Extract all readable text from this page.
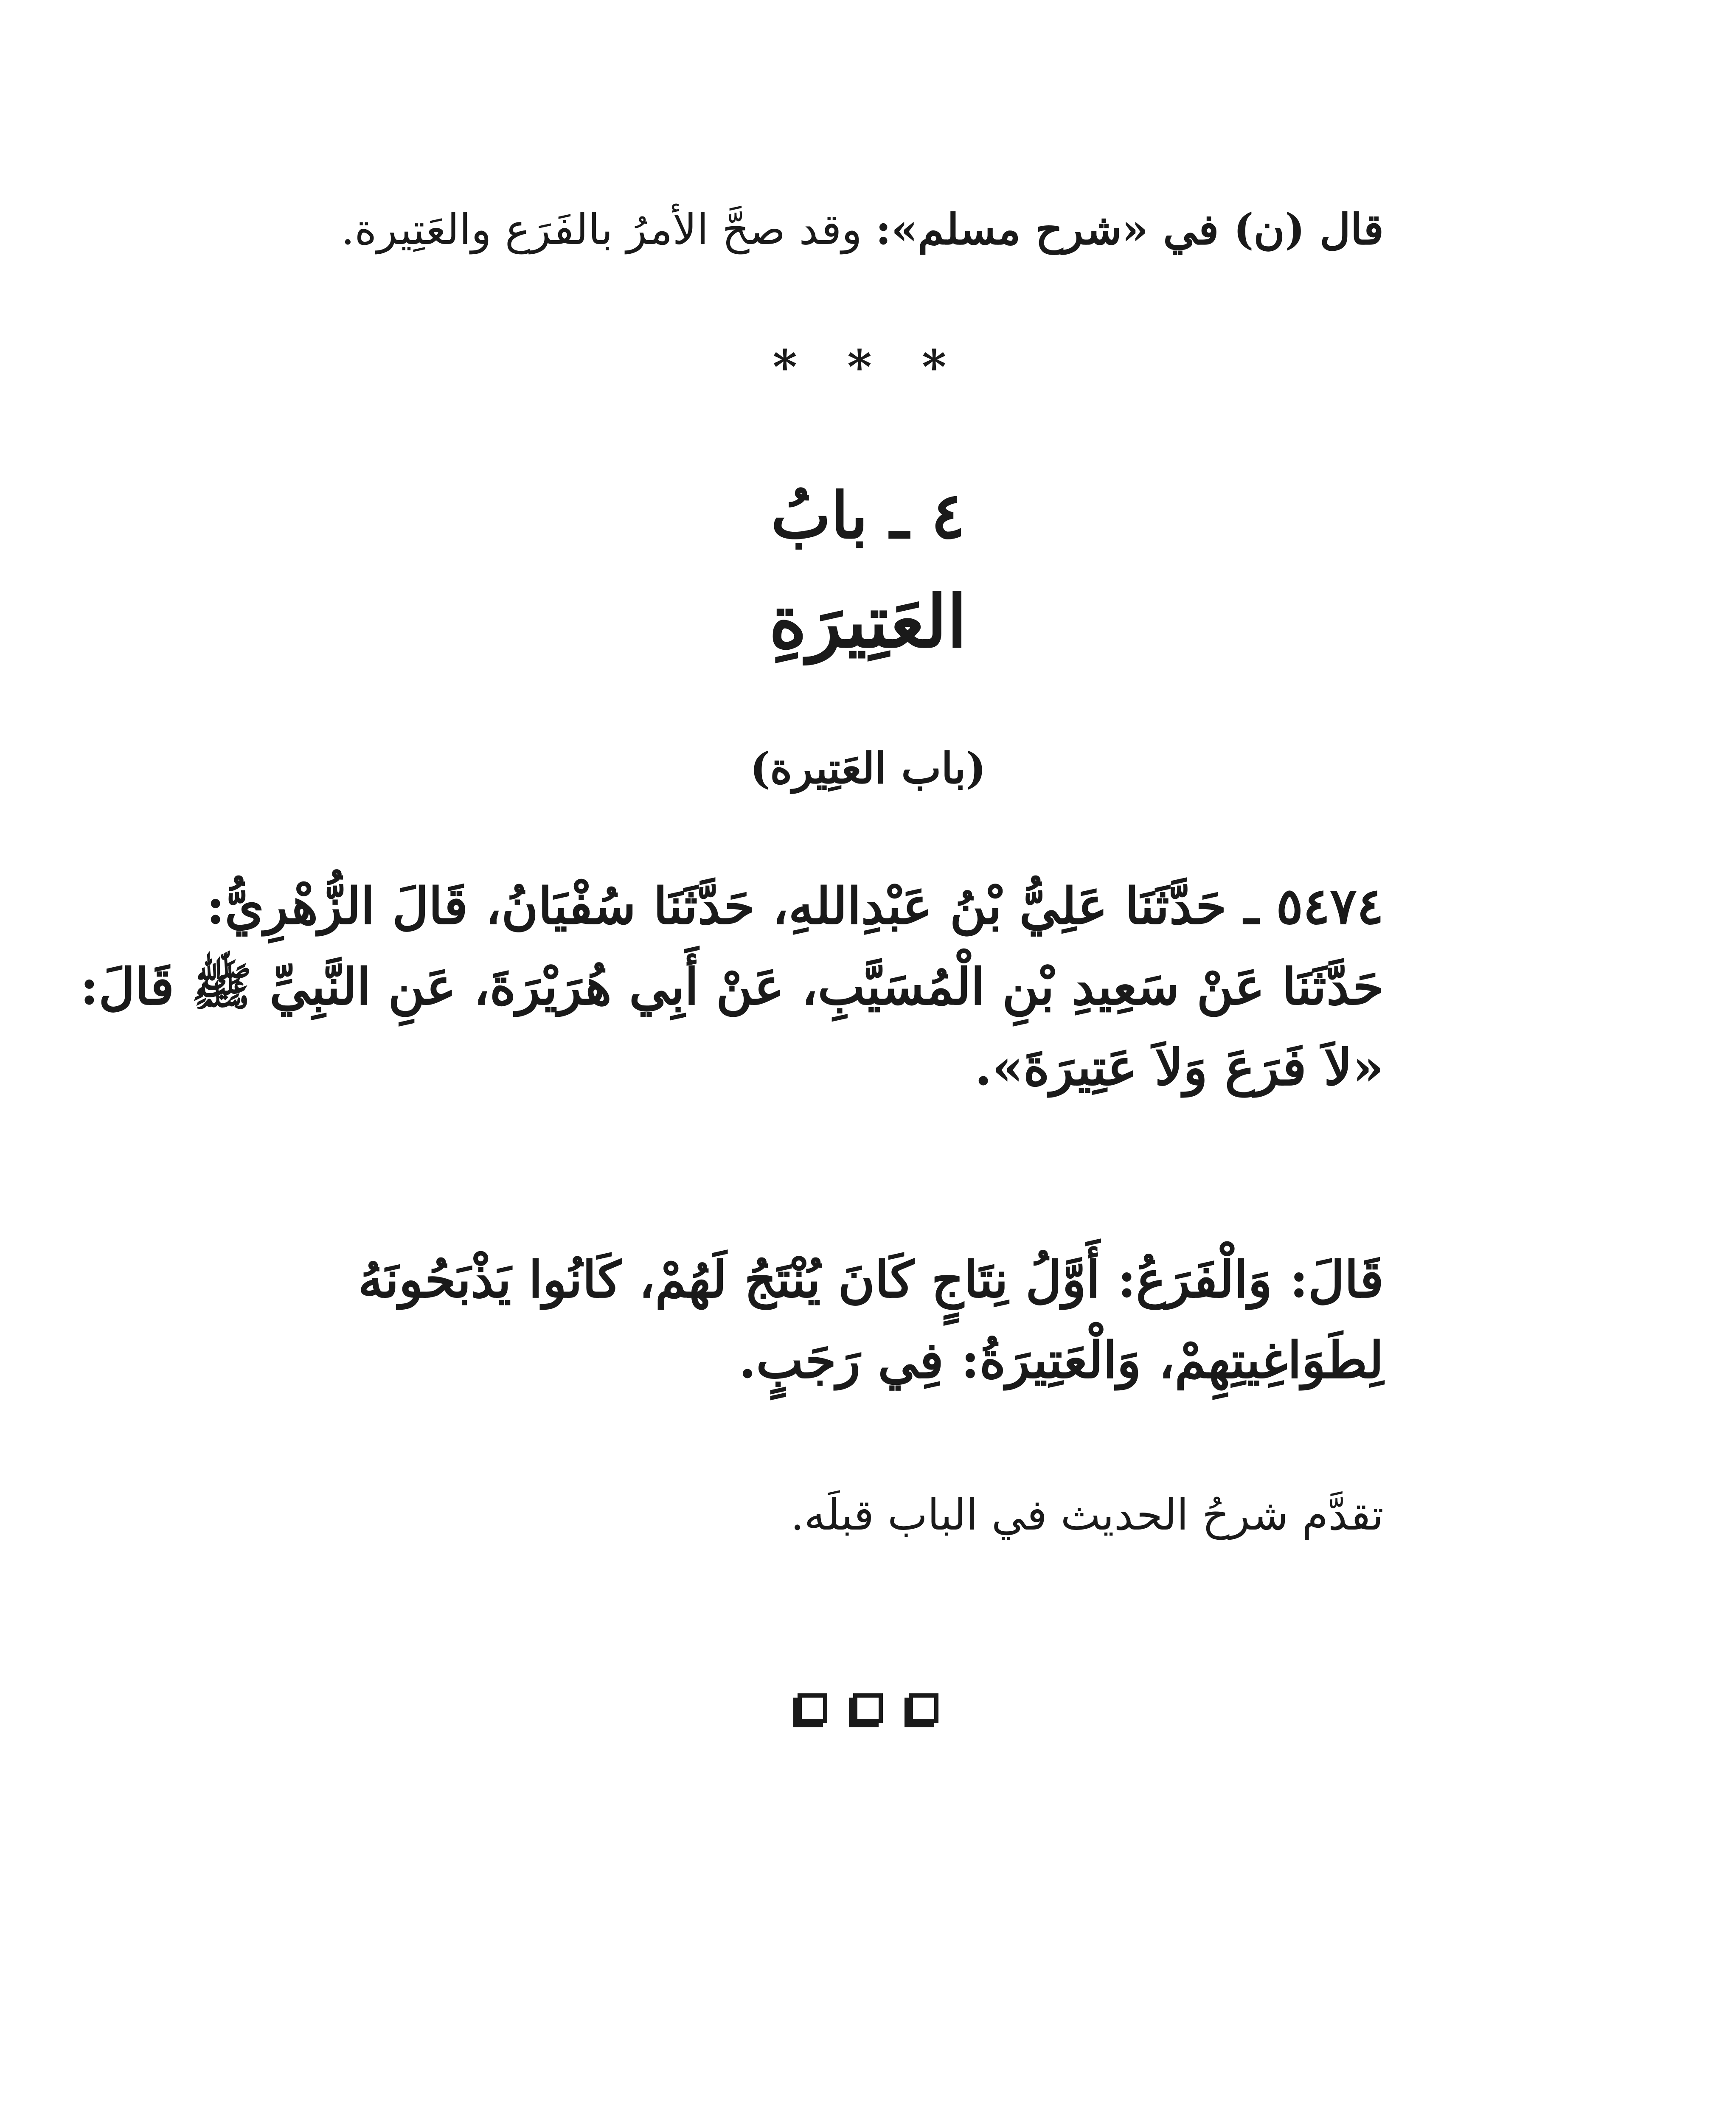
قال (ن) في «شرح مسلم»: وقد صحَّ الأمرُ بالفَرَع والعَتِيرة.
* * *
٤ ـ بابُ
العَتِيرَةِ
(باب العَتِيرة)
٥٤٧٤ ـ حَدَّثَنَا عَلِيُّ بْنُ عَبْدِاللهِ، حَدَّثَنَا سُفْيَانُ، قَالَ الزُّهْرِيُّ:
حَدَّثَنَا عَنْ سَعِيدِ بْنِ الْمُسَيَّبِ، عَنْ أَبِي هُرَيْرَةَ، عَنِ النَّبِيِّ ﷺ قَالَ:
«لاَ فَرَعَ وَلاَ عَتِيرَةَ».
قَالَ: وَالْفَرَعُ: أَوَّلُ نِتَاجٍ كَانَ يُنْتَجُ لَهُمْ، كَانُوا يَذْبَحُونَهُ
لِطَوَاغِيتِهِمْ، وَالْعَتِيرَةُ: فِي رَجَبٍ.
تقدَّم شرحُ الحديث في الباب قبلَه.
